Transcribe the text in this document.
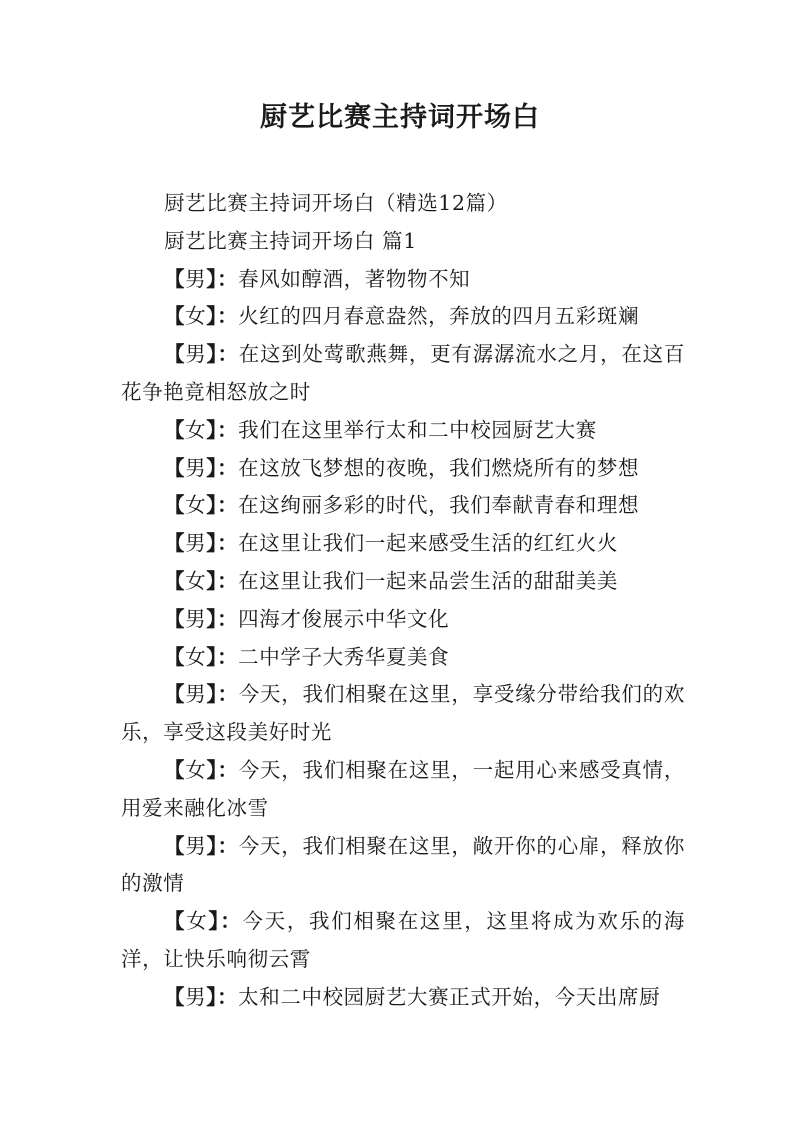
厨艺比赛主持词开场白

厨艺比赛主持词开场白（精选12篇）

厨艺比赛主持词开场白 篇1

【男】：春风如醇酒，著物物不知

【女】：火红的四月春意盎然，奔放的四月五彩斑斓

【男】：在这到处莺歌燕舞，更有潺潺流水之月，在这百花争艳竟相怒放之时

【女】：我们在这里举行太和二中校园厨艺大赛

【男】：在这放飞梦想的夜晚，我们燃烧所有的梦想

【女】：在这绚丽多彩的时代，我们奉献青春和理想

【男】：在这里让我们一起来感受生活的红红火火

【女】：在这里让我们一起来品尝生活的甜甜美美

【男】：四海才俊展示中华文化

【女】：二中学子大秀华夏美食

【男】：今天，我们相聚在这里，享受缘分带给我们的欢乐，享受这段美好时光

【女】：今天，我们相聚在这里，一起用心来感受真情，用爱来融化冰雪

【男】：今天，我们相聚在这里，敞开你的心扉，释放你的激情

【女】：今天，我们相聚在这里，这里将成为欢乐的海洋，让快乐响彻云霄

【男】：太和二中校园厨艺大赛正式开始，今天出席厨
